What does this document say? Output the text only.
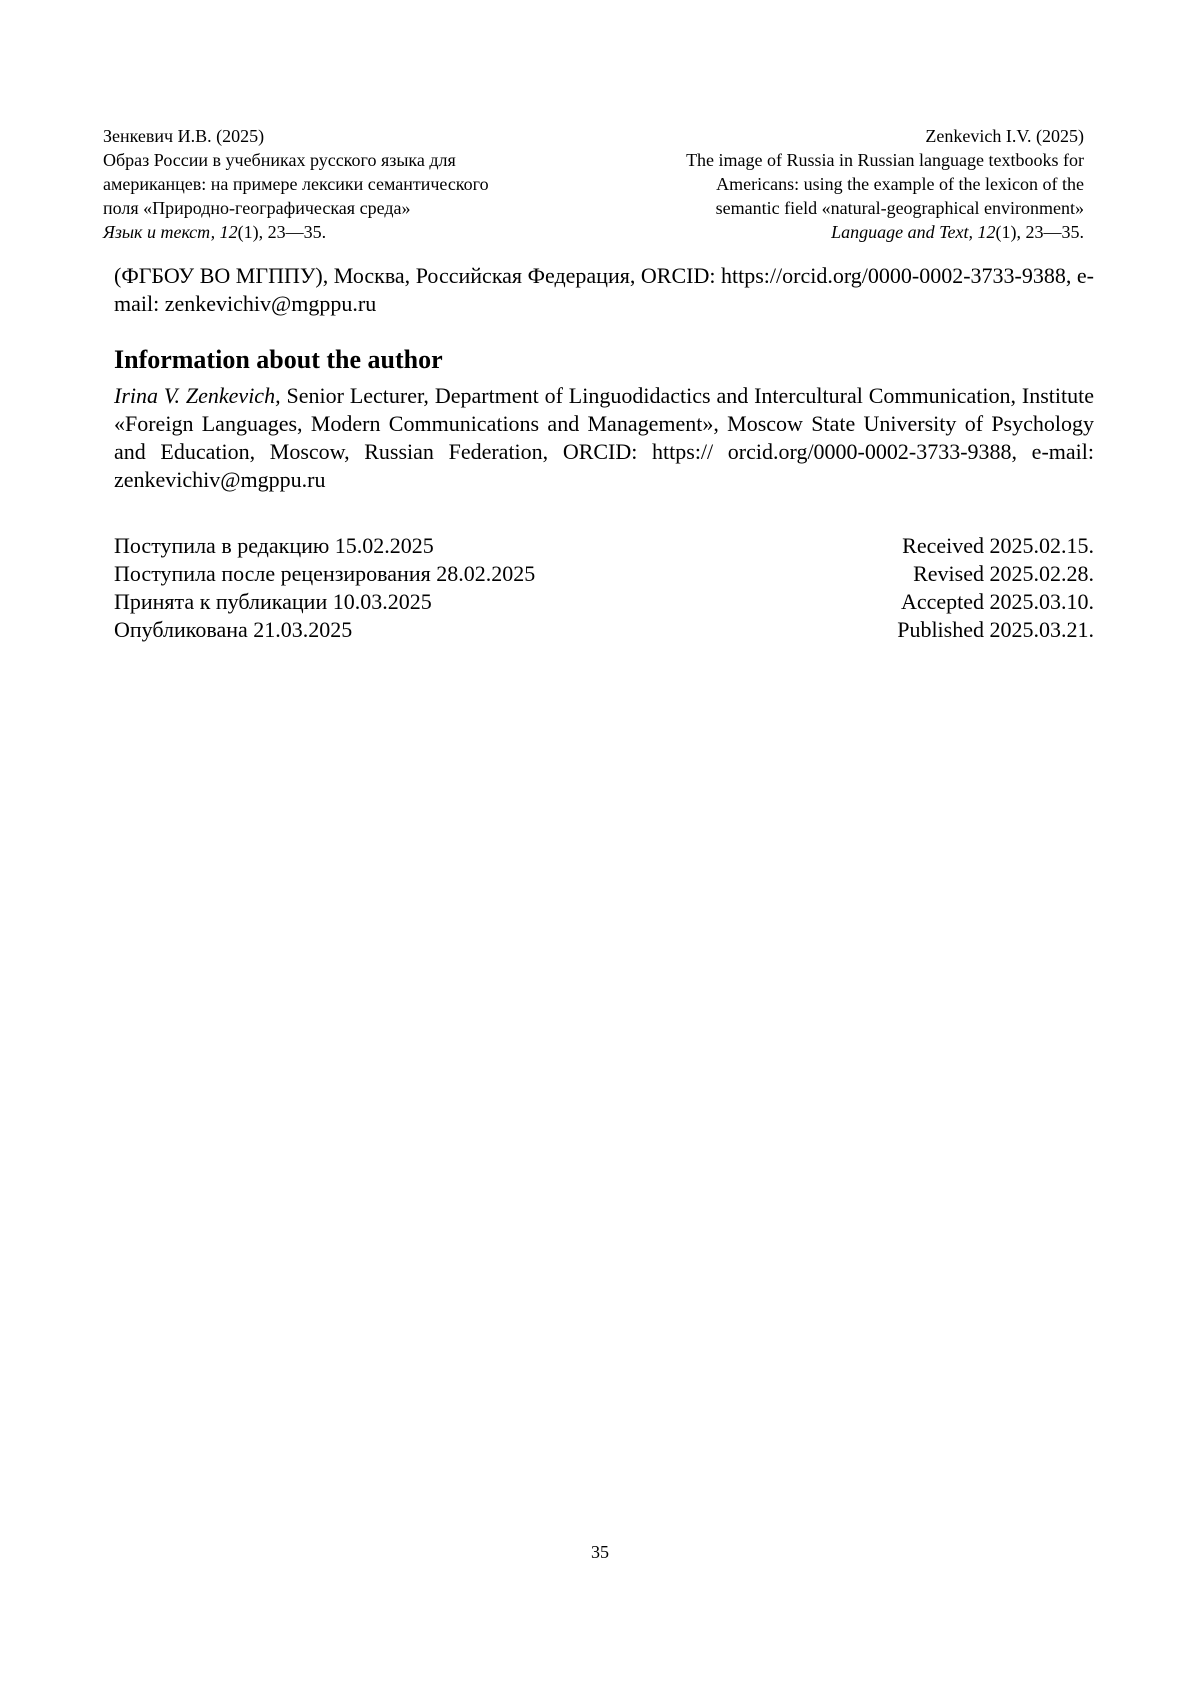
Зенкевич И.В. (2025)
Образ России в учебниках русского языка для
американцев: на примере лексики семантического
поля «Природно-географическая среда»
Язык и текст, 12(1), 23—35.
Zenkevich I.V. (2025)
The image of Russia in Russian language textbooks for
Americans: using the example of the lexicon of the
semantic field «natural-geographical environment»
Language and Text, 12(1), 23—35.

(ФГБОУ ВО МГППУ), Москва, Российская Федерация, ORCID: https://orcid.org/0000-0002-3733-9388, e-mail: zenkevichiv@mgppu.ru

Information about the author

Irina V. Zenkevich, Senior Lecturer, Department of Linguodidactics and Intercultural Communication, Institute «Foreign Languages, Modern Communications and Management», Moscow State University of Psychology and Education, Moscow, Russian Federation, ORCID: https:// orcid.org/0000-0002-3733-9388, e-mail: zenkevichiv@mgppu.ru

Поступила в редакцию 15.02.2025	Received 2025.02.15.
Поступила после рецензирования 28.02.2025	Revised 2025.02.28.
Принята к публикации 10.03.2025	Accepted 2025.03.10.
Опубликована 21.03.2025	Published 2025.03.21.
35
